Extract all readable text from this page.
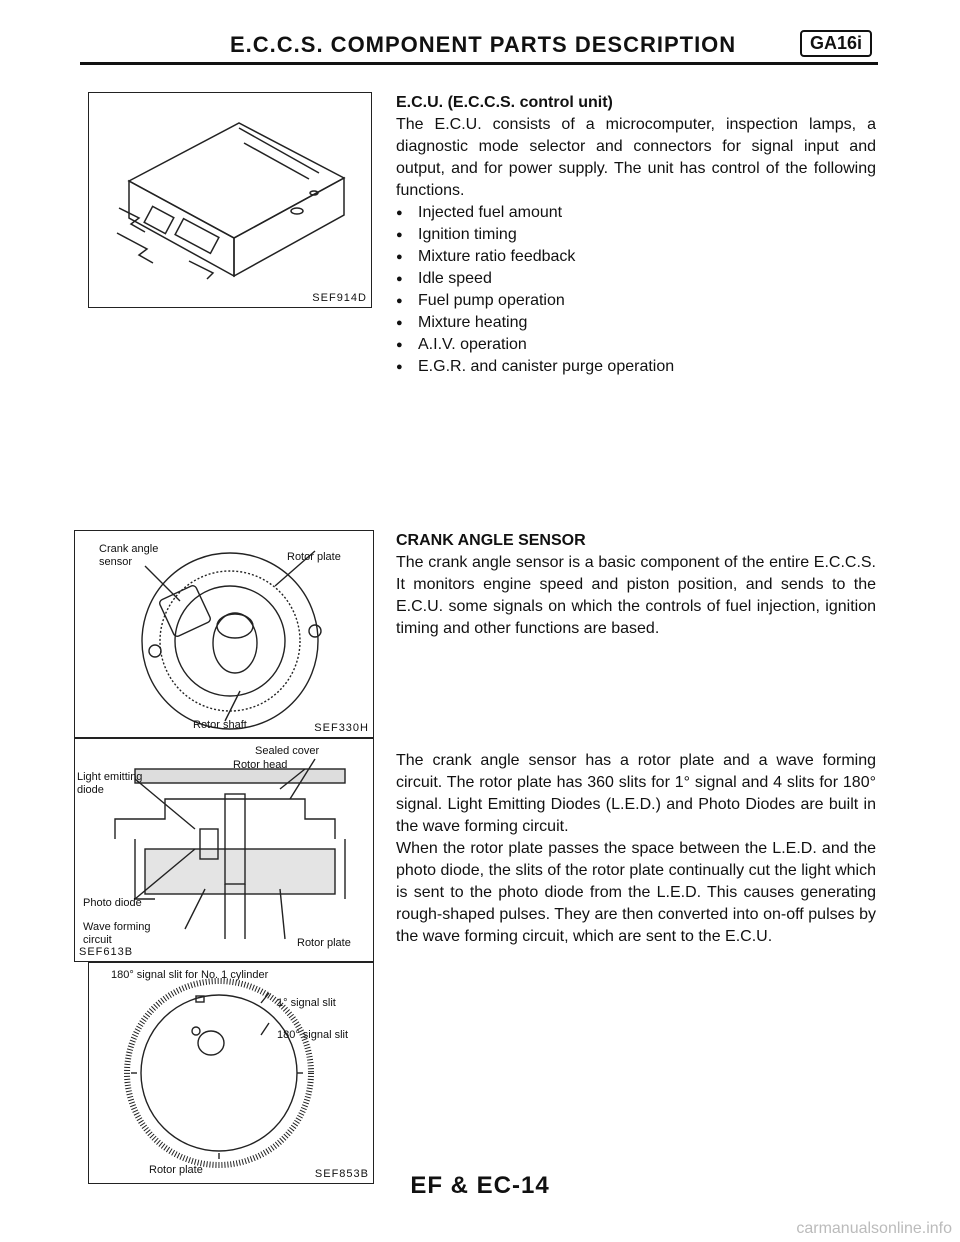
E.C.C.S. COMPONENT PARTS DESCRIPTION	GA16i
SEF914D
Crank angle sensor	Rotor plate
Rotor shaft	SEF330H
Sealed cover
Rotor head
Light emitting diode
Photo diode
Wave forming circuit	Rotor plate
SEF613B
180° signal slit for No. 1 cylinder
1° signal slit
180° signal slit
Rotor plate	SEF853B

E.C.U. (E.C.C.S. control unit)

The E.C.U. consists of a microcomputer, inspection lamps, a diagnostic mode selector and connectors for signal input and output, and for power supply. The unit has control of the following functions.

● Injected fuel amount
● Ignition timing
● Mixture ratio feedback
● Idle speed
● Fuel pump operation
● Mixture heating
● A.I.V. operation
● E.G.R. and canister purge operation

CRANK ANGLE SENSOR

The crank angle sensor is a basic component of the entire E.C.C.S. It monitors engine speed and piston position, and sends to the E.C.U. some signals on which the controls of fuel injection, ignition timing and other functions are based.

The crank angle sensor has a rotor plate and a wave forming circuit. The rotor plate has 360 slits for 1° signal and 4 slits for 180° signal. Light Emitting Diodes (L.E.D.) and Photo Diodes are built in the wave forming circuit.

When the rotor plate passes the space between the L.E.D. and the photo diode, the slits of the rotor plate continually cut the light which is sent to the photo diode from the L.E.D. This causes generating rough-shaped pulses. They are then converted into on-off pulses by the wave forming circuit, which are sent to the E.C.U.

EF & EC-14
carmanualsonline.info
